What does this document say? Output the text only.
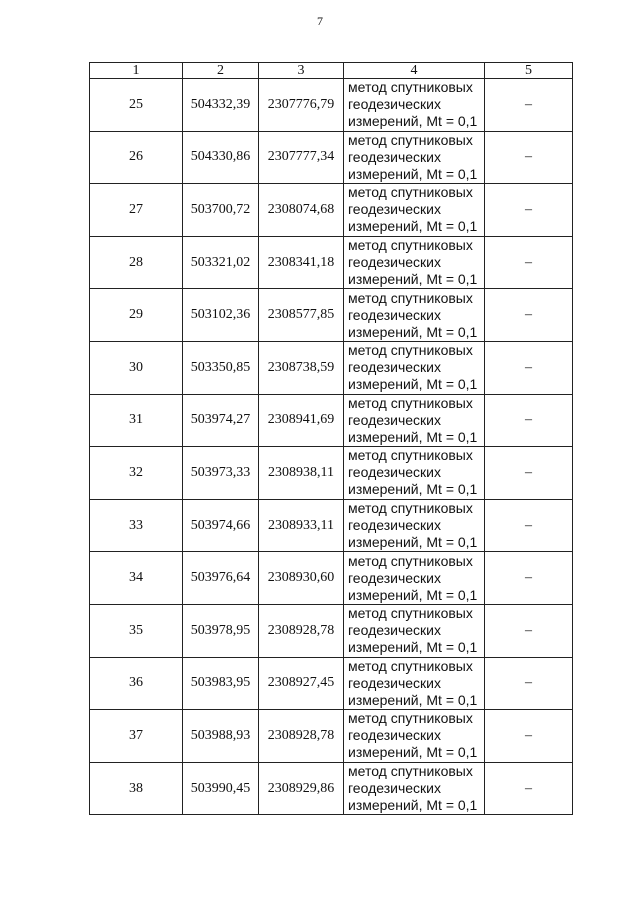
7
1	2	3	4	5
25	504332,39	2307776,79	метод спутниковых
геодезических
измерений, Mt = 0,1	–
26	504330,86	2307777,34	метод спутниковых
геодезических
измерений, Mt = 0,1	–
27	503700,72	2308074,68	метод спутниковых
геодезических
измерений, Mt = 0,1	–
28	503321,02	2308341,18	метод спутниковых
геодезических
измерений, Mt = 0,1	–
29	503102,36	2308577,85	метод спутниковых
геодезических
измерений, Mt = 0,1	–
30	503350,85	2308738,59	метод спутниковых
геодезических
измерений, Mt = 0,1	–
31	503974,27	2308941,69	метод спутниковых
геодезических
измерений, Mt = 0,1	–
32	503973,33	2308938,11	метод спутниковых
геодезических
измерений, Mt = 0,1	–
33	503974,66	2308933,11	метод спутниковых
геодезических
измерений, Mt = 0,1	–
34	503976,64	2308930,60	метод спутниковых
геодезических
измерений, Mt = 0,1	–
35	503978,95	2308928,78	метод спутниковых
геодезических
измерений, Mt = 0,1	–
36	503983,95	2308927,45	метод спутниковых
геодезических
измерений, Mt = 0,1	–
37	503988,93	2308928,78	метод спутниковых
геодезических
измерений, Mt = 0,1	–
38	503990,45	2308929,86	метод спутниковых
геодезических
измерений, Mt = 0,1	–
